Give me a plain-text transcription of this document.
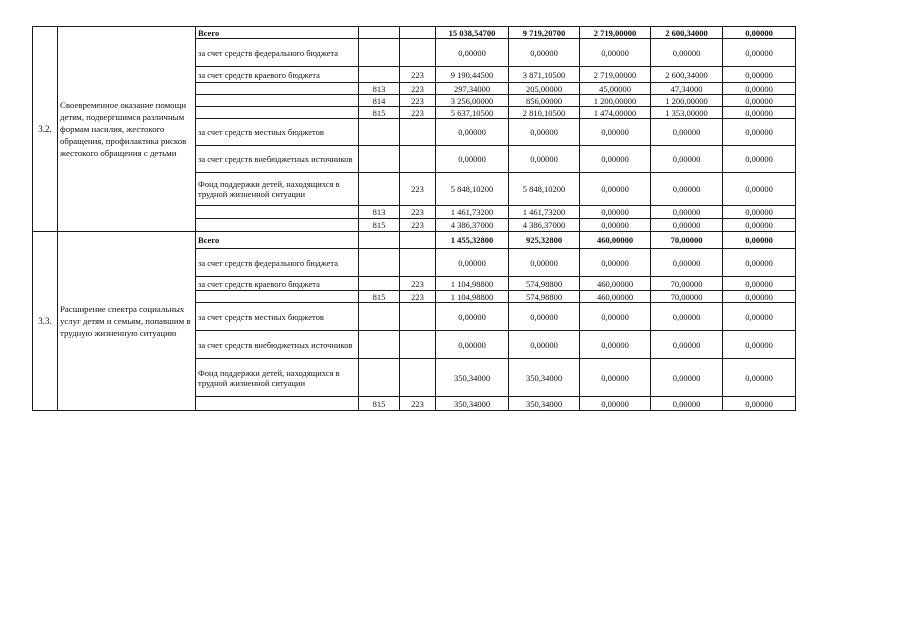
3.2.	Своевременное оказание помощи детям, подвергшимся различным формам насилия, жестокого обращения, профилактика рисков жестокого обращения с детьми	Всего			15 038,54700	9 719,20700	2 719,00000	2 600,34000	0,00000
		за счет средств федерального бюджета			0,00000	0,00000	0,00000	0,00000	0,00000
		за счет средств краевого бюджета		223	9 190,44500	3 871,10500	2 719,00000	2 600,34000	0,00000
			813	223	297,34000	205,00000	45,00000	47,34000	0,00000
			814	223	3 256,00000	856,00000	1 200,00000	1 200,00000	0,00000
			815	223	5 637,10500	2 810,10500	1 474,00000	1 353,00000	0,00000
		за счет средств местных бюджетов			0,00000	0,00000	0,00000	0,00000	0,00000
		за счет средств внебюджетных источников			0,00000	0,00000	0,00000	0,00000	0,00000
		Фонд поддержки детей, находящихся в трудной жизненной ситуации		223	5 848,10200	5 848,10200	0,00000	0,00000	0,00000
			813	223	1 461,73200	1 461,73200	0,00000	0,00000	0,00000
			815	223	4 386,37000	4 386,37000	0,00000	0,00000	0,00000
3.3.	Расширение спектра социальных услуг детям и семьям, попавшим в трудную жизненную ситуацию	Всего			1 455,32800	925,32800	460,00000	70,00000	0,00000
		за счет средств федерального бюджета			0,00000	0,00000	0,00000	0,00000	0,00000
		за счет средств краевого бюджета		223	1 104,98800	574,98800	460,00000	70,00000	0,00000
			815	223	1 104,98800	574,98800	460,00000	70,00000	0,00000
		за счет средств местных бюджетов			0,00000	0,00000	0,00000	0,00000	0,00000
		за счет средств внебюджетных источников			0,00000	0,00000	0,00000	0,00000	0,00000
		Фонд поддержки детей, находящихся в трудной жизненной ситуации			350,34000	350,34000	0,00000	0,00000	0,00000
			815	223	350,34000	350,34000	0,00000	0,00000	0,00000
